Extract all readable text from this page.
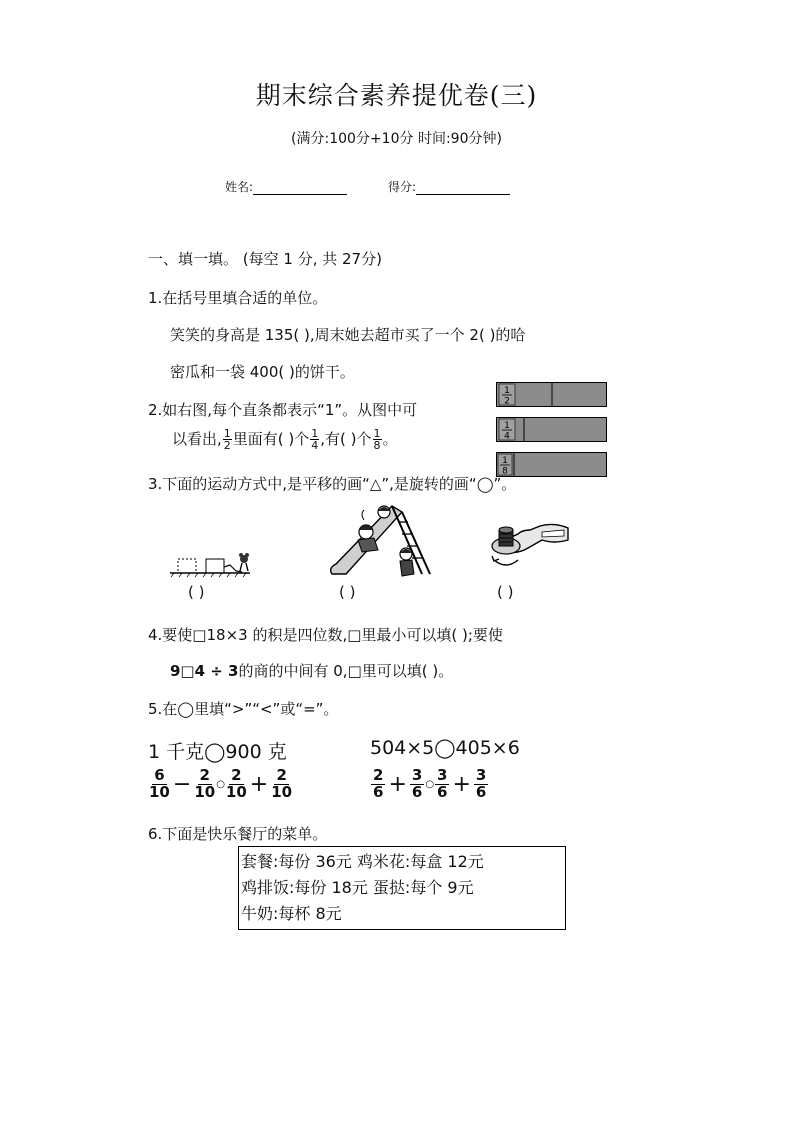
期末综合素养提优卷(三)
(满分:100分+10分 时间:90分钟)
姓名:	得分:
一、填一填。 (每空 1 分, 共 27分)
1.在括号里填合适的单位。
笑笑的身高是 135( ),周末她去超市买了一个 2( )的哈
密瓜和一袋 400( )的饼干。
2.如右图,每个直条都表示“1”。从图中可
以看出, $\frac{1}{2}$ 里面有( )个 $\frac{1}{4}$ ,有( )个 $\frac{1}{8}$ 。
1
2
1
4
1
8
3.下面的运动方式中,是平移的画“△”,是旋转的画“◯”。
( )	( )	( )
4.要使□18×3 的积是四位数,□里最小可以填( );要使
9□4 ÷ 3的商的中间有 0,□里可以填( )。
5.在◯里填“>”“<”或“=”。
1 千克◯900 克	504×5◯405×6
$\frac{6}{10} - \frac{2}{10}$ ○ $\frac{2}{10} + \frac{2}{10}$	$\frac{2}{6} + \frac{3}{6}$ ○ $\frac{3}{6} + \frac{3}{6}$
6.下面是快乐餐厅的菜单。
套餐:每份 36元 鸡米花:每盒 12元
鸡排饭:每份 18元 蛋挞:每个 9元
牛奶:每杯 8元
